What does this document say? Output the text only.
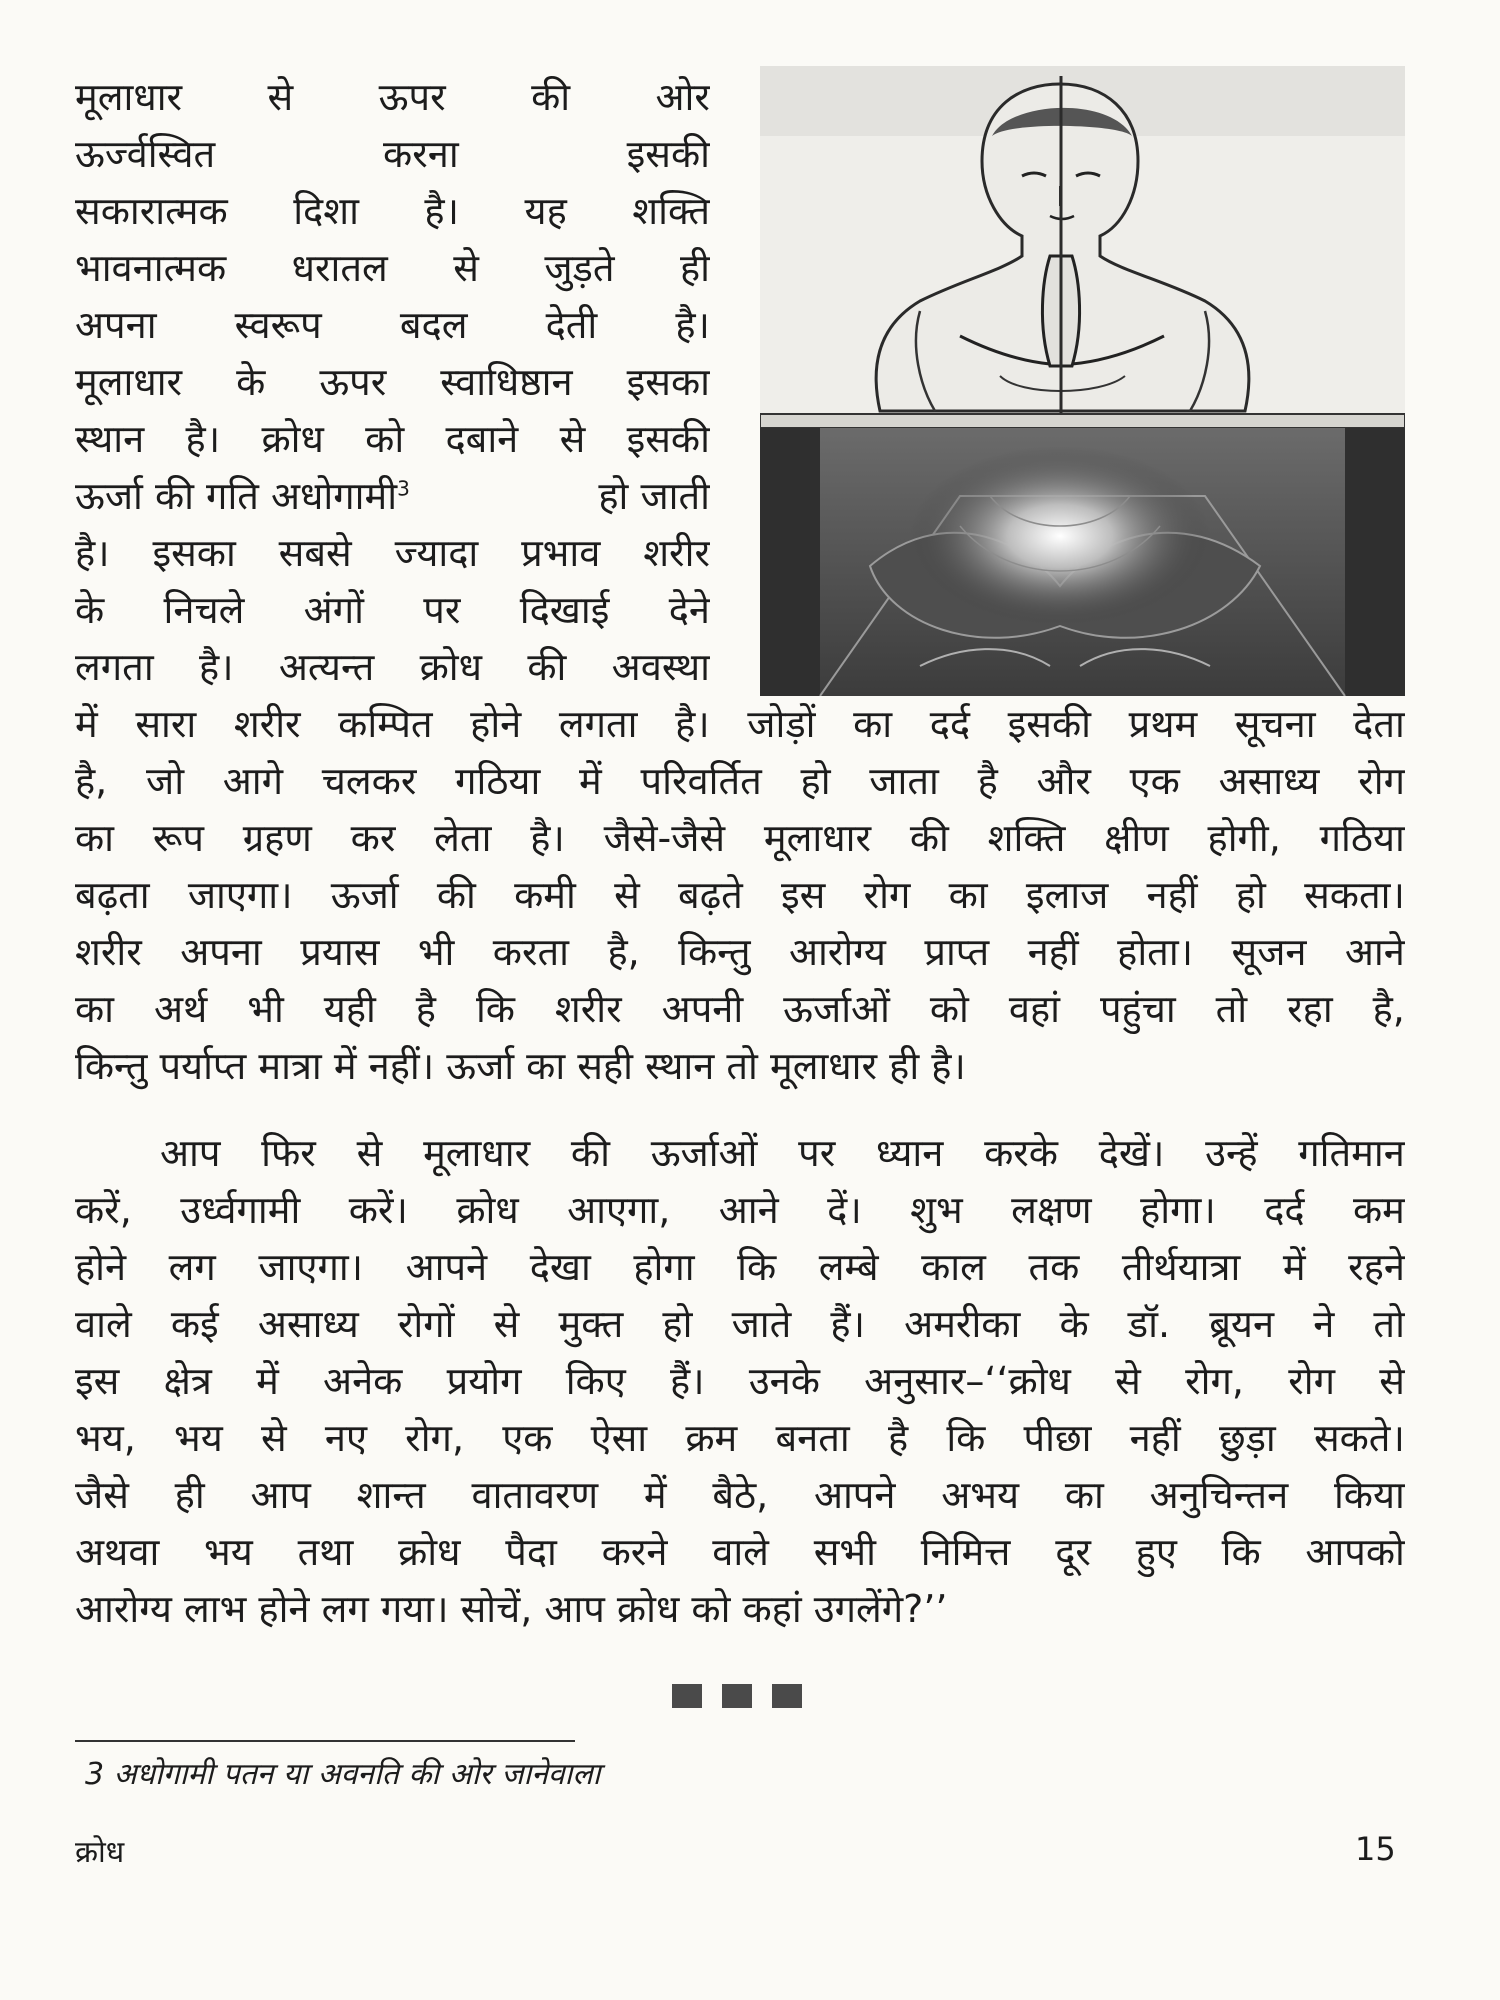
मूलाधार से ऊपर की ओर
ऊर्ज्वस्वित	करना	इसकी
सकारात्मक दिशा है। यह शक्ति
भावनात्मक धरातल से जुड़ते ही
अपना स्वरूप बदल देती है।
मूलाधार के ऊपर स्वाधिष्ठान इसका
स्थान है। क्रोध को दबाने से इसकी
ऊर्जा की गति अधोगामी$^3$	हो जाती
है। इसका सबसे ज्यादा प्रभाव शरीर
के निचले अंगों पर दिखाई देने
लगता है। अत्यन्त क्रोध की अवस्था
में सारा शरीर कम्पित होने लगता है। जोड़ों का दर्द इसकी प्रथम सूचना देता
है, जो आगे चलकर गठिया में परिवर्तित हो जाता है और एक असाध्य रोग
का रूप ग्रहण कर लेता है। जैसे-जैसे मूलाधार की शक्ति क्षीण होगी, गठिया
बढ़ता जाएगा। ऊर्जा की कमी से बढ़ते इस रोग का इलाज नहीं हो सकता।
शरीर अपना प्रयास भी करता है, किन्तु आरोग्य प्राप्त नहीं होता। सूजन आने
का अर्थ भी यही है कि शरीर अपनी ऊर्जाओं को वहां पहुंचा तो रहा है,
किन्तु पर्याप्त मात्रा में नहीं। ऊर्जा का सही स्थान तो मूलाधार ही है।
आप फिर से मूलाधार की ऊर्जाओं पर ध्यान करके देखें। उन्हें गतिमान
करें, उर्ध्वगामी करें। क्रोध आएगा, आने दें। शुभ लक्षण होगा। दर्द कम
होने लग जाएगा। आपने देखा होगा कि लम्बे काल तक तीर्थयात्रा में रहने
वाले कई असाध्य रोगों से मुक्त हो जाते हैं। अमरीका के डॉ. ब्रूयन ने तो
इस क्षेत्र में अनेक प्रयोग किए हैं। उनके अनुसार–‘‘क्रोध से रोग, रोग से
भय, भय से नए रोग, एक ऐसा क्रम बनता है कि पीछा नहीं छुड़ा सकते।
जैसे ही आप शान्त वातावरण में बैठे, आपने अभय का अनुचिन्तन किया
अथवा भय तथा क्रोध पैदा करने वाले सभी निमित्त दूर हुए कि आपको
आरोग्य लाभ होने लग गया। सोचें, आप क्रोध को कहां उगलेंगे?’’
3 अधोगामी पतन या अवनति की ओर जानेवाला
क्रोध	15
